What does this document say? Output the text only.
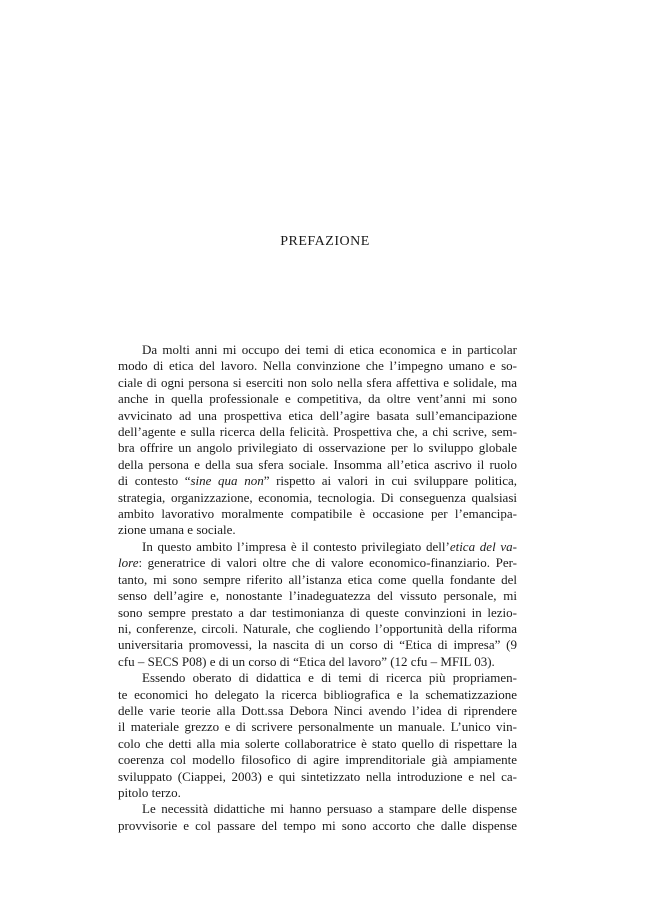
PREFAZIONE
Da molti anni mi occupo dei temi di etica economica e in particolar
modo di etica del lavoro. Nella convinzione che l’impegno umano e so-
ciale di ogni persona si eserciti non solo nella sfera affettiva e solidale, ma
anche in quella professionale e competitiva, da oltre vent’anni mi sono
avvicinato ad una prospettiva etica dell’agire basata sull’emancipazione
dell’agente e sulla ricerca della felicità. Prospettiva che, a chi scrive, sem-
bra offrire un angolo privilegiato di osservazione per lo sviluppo globale
della persona e della sua sfera sociale. Insomma all’etica ascrivo il ruolo
di contesto “sine qua non” rispetto ai valori in cui sviluppare politica,
strategia, organizzazione, economia, tecnologia. Di conseguenza qualsiasi
ambito lavorativo moralmente compatibile è occasione per l’emancipa-
zione umana e sociale.
In questo ambito l’impresa è il contesto privilegiato dell’etica del va-
lore: generatrice di valori oltre che di valore economico-finanziario. Per-
tanto, mi sono sempre riferito all’istanza etica come quella fondante del
senso dell’agire e, nonostante l’inadeguatezza del vissuto personale, mi
sono sempre prestato a dar testimonianza di queste convinzioni in lezio-
ni, conferenze, circoli. Naturale, che cogliendo l’opportunità della riforma
universitaria promovessi, la nascita di un corso di “Etica di impresa” (9
cfu – SECS P08) e di un corso di “Etica del lavoro” (12 cfu – MFIL 03).
Essendo oberato di didattica e di temi di ricerca più propriamen-
te economici ho delegato la ricerca bibliografica e la schematizzazione
delle varie teorie alla Dott.ssa Debora Ninci avendo l’idea di riprendere
il materiale grezzo e di scrivere personalmente un manuale. L’unico vin-
colo che detti alla mia solerte collaboratrice è stato quello di rispettare la
coerenza col modello filosofico di agire imprenditoriale già ampiamente
sviluppato (Ciappei, 2003) e qui sintetizzato nella introduzione e nel ca-
pitolo terzo.
Le necessità didattiche mi hanno persuaso a stampare delle dispense
provvisorie e col passare del tempo mi sono accorto che dalle dispense
